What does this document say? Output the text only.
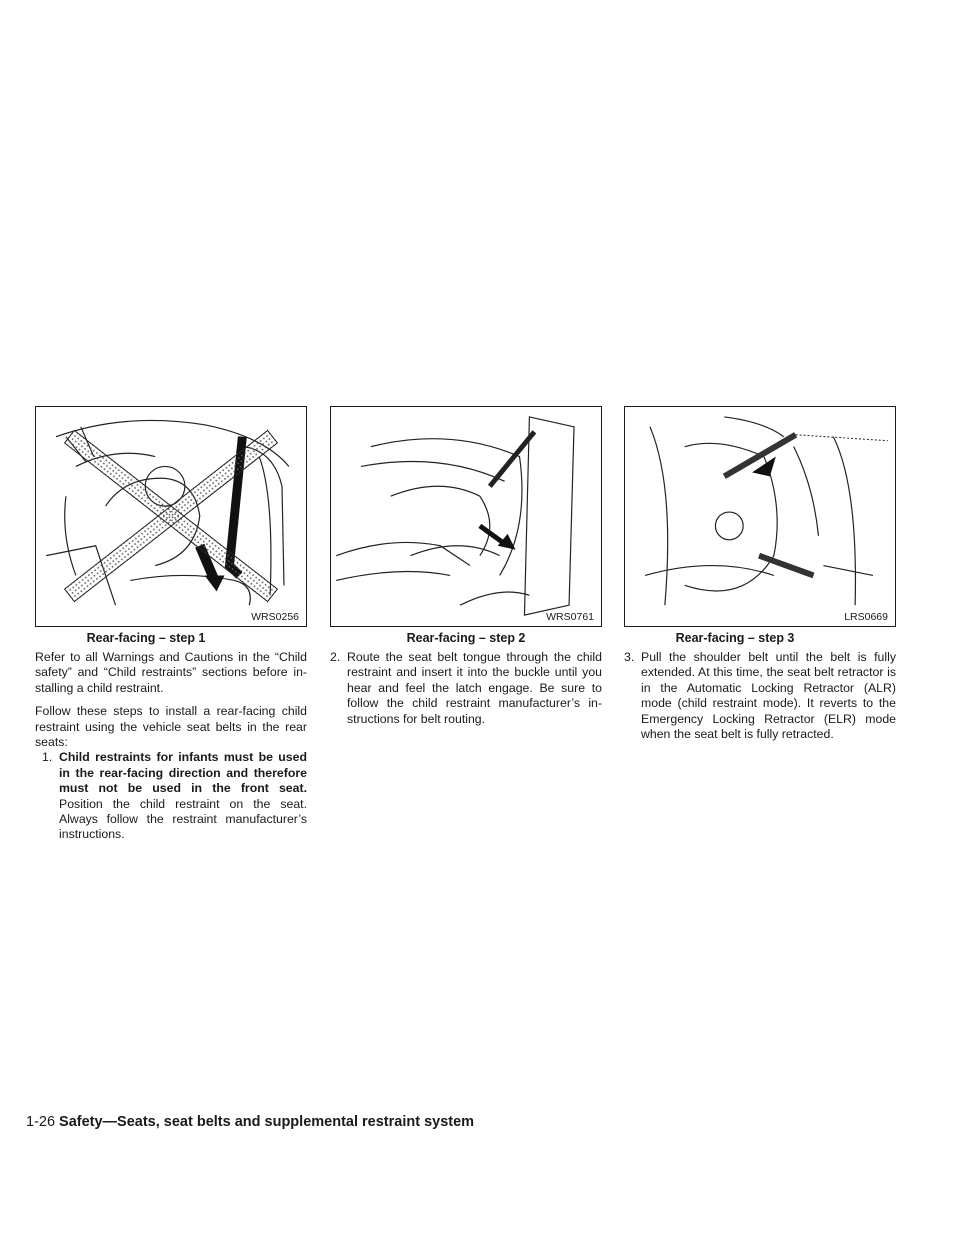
WRS0256
Rear-facing – step 1
WRS0761
Rear-facing – step 2
LRS0669
Rear-facing – step 3

Refer to all Warnings and Cautions in the “Child safety” and “Child restraints” sections before in-stalling a child restraint.

Follow these steps to install a rear-facing child restraint using the vehicle seat belts in the rear seats:

1. Child restraints for infants must be used in the rear-facing direction and therefore must not be used in the front seat. Position the child restraint on the seat. Always follow the restraint manufacturer’s instructions.
2. Route the seat belt tongue through the child restraint and insert it into the buckle until you hear and feel the latch engage. Be sure to follow the child restraint manufacturer’s in-structions for belt routing.
3. Pull the shoulder belt until the belt is fully extended. At this time, the seat belt retractor is in the Automatic Locking Retractor (ALR) mode (child restraint mode). It reverts to the Emergency Locking Retractor (ELR) mode when the seat belt is fully retracted.
1-26 Safety—Seats, seat belts and supplemental restraint system
